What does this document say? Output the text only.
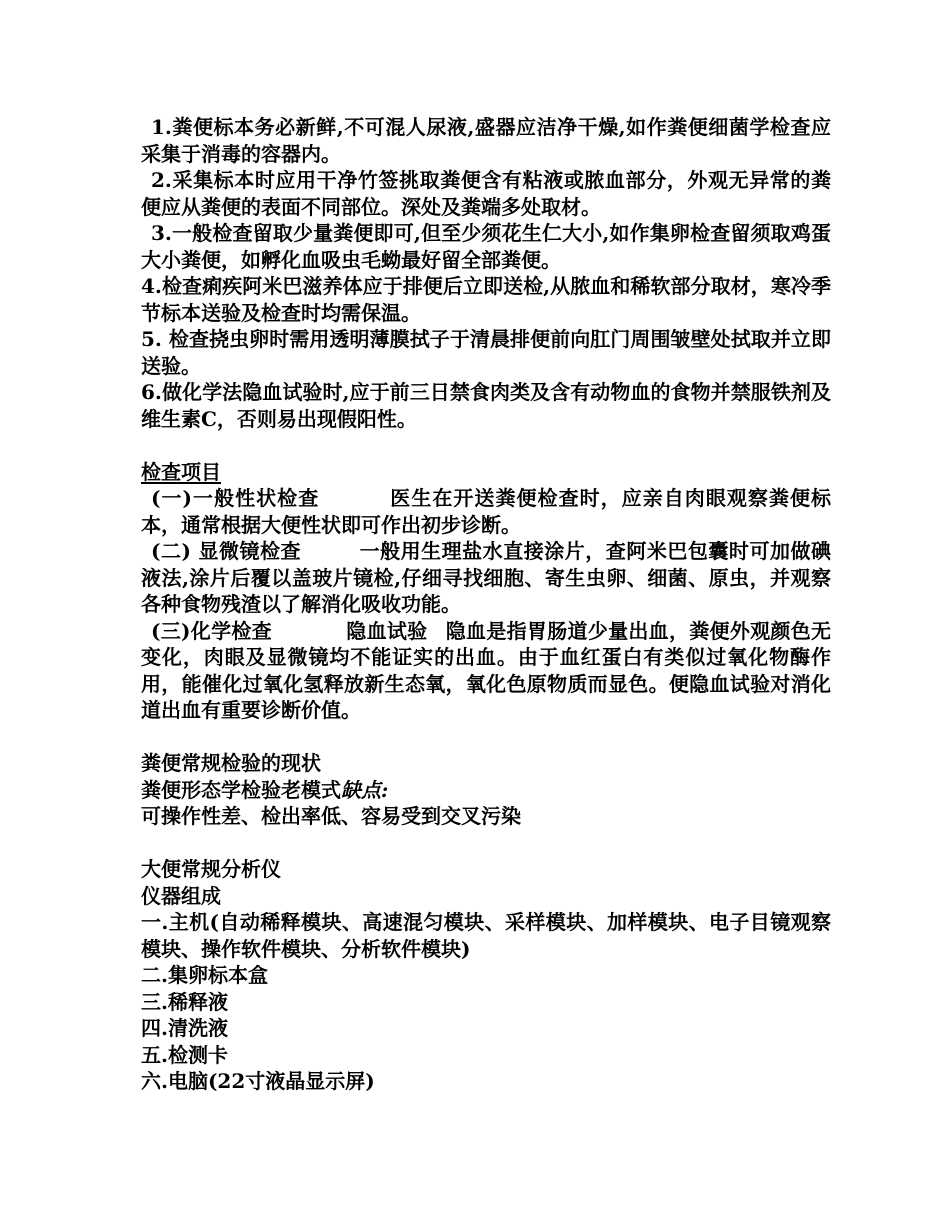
1.粪便标本务必新鲜,不可混人尿液,盛器应洁净干燥,如作粪便细菌学检查应采集于消毒的容器内。

2.采集标本时应用干净竹签挑取粪便含有粘液或脓血部分，外观无异常的粪便应从粪便的表面不同部位。深处及粪端多处取材。

3.一般检查留取少量粪便即可,但至少须花生仁大小,如作集卵检查留须取鸡蛋大小粪便，如孵化血吸虫毛蚴最好留全部粪便。

4.检查痢疾阿米巴滋养体应于排便后立即送检,从脓血和稀软部分取材，寒冷季节标本送验及检查时均需保温。

5. 检查挠虫卵时需用透明薄膜拭子于清晨排便前向肛门周围皱壁处拭取并立即送验。

6.做化学法隐血试验时,应于前三日禁食肉类及含有动物血的食物并禁服铁剂及维生素C，否则易出现假阳性。

检查项目

(一)一般性状检查	医生在开送粪便检查时，应亲自肉眼观察粪便标本，通常根据大便性状即可作出初步诊断。

(二) 显微镜检查	一般用生理盐水直接涂片，查阿米巴包囊时可加做碘液法,涂片后覆以盖玻片镜检,仔细寻找细胞、寄生虫卵、细菌、原虫，并观察各种食物残渣以了解消化吸收功能。

(三)化学检查	隐血试验 隐血是指胃肠道少量出血，粪便外观颜色无变化，肉眼及显微镜均不能证实的出血。由于血红蛋白有类似过氧化物酶作用，能催化过氧化氢释放新生态氧，氧化色原物质而显色。便隐血试验对消化道出血有重要诊断价值。

粪便常规检验的现状

粪便形态学检验老模式缺点:

可操作性差、检出率低、容易受到交叉污染

大便常规分析仪

仪器组成

一.主机(自动稀释模块、高速混匀模块、采样模块、加样模块、电子目镜观察模块、操作软件模块、分析软件模块)

二.集卵标本盒

三.稀释液

四.清洗液

五.检测卡

六.电脑(22寸液晶显示屏)
